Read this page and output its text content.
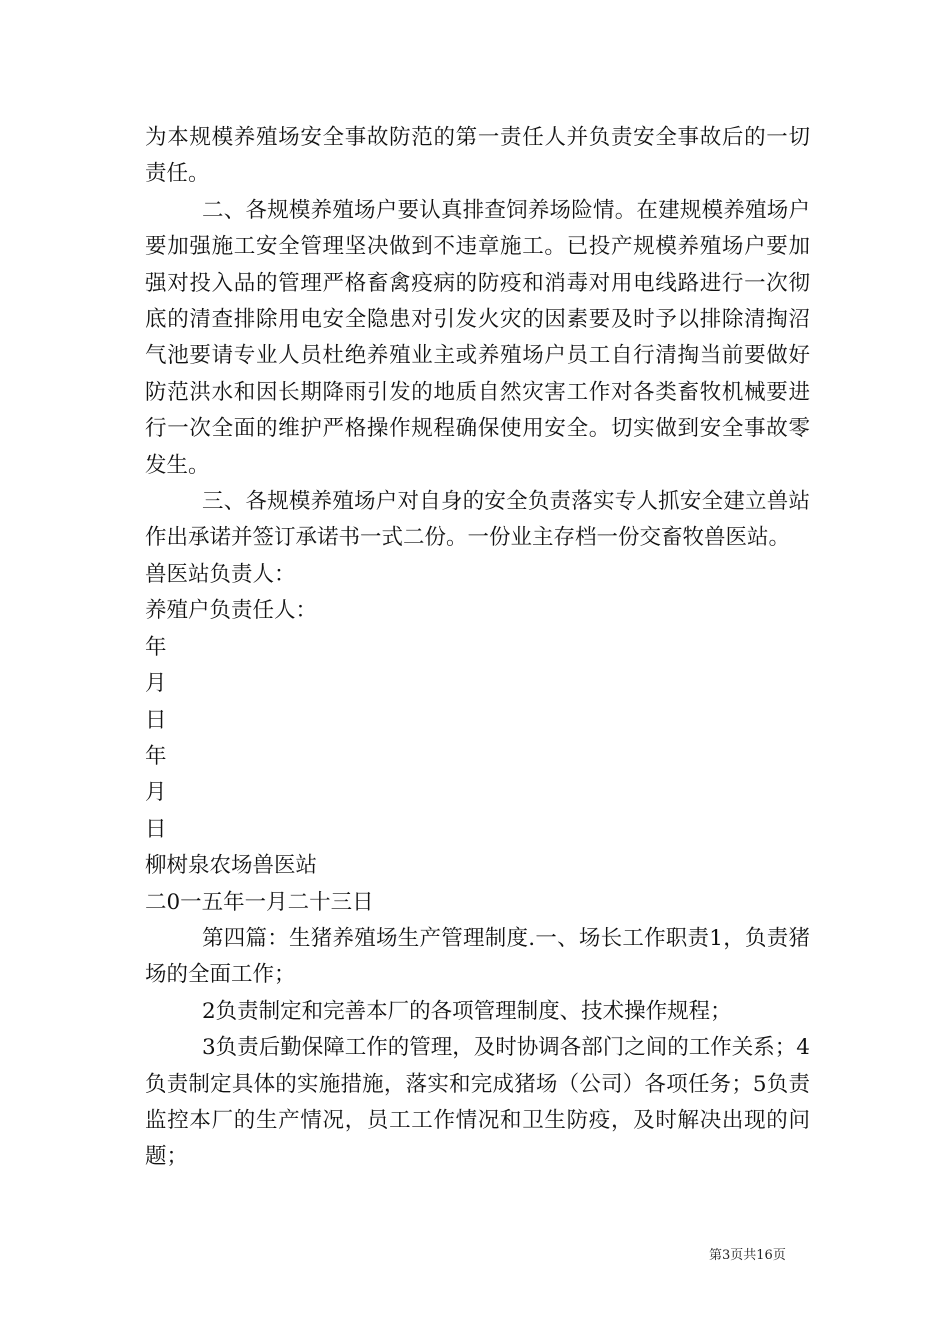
为本规模养殖场安全事故防范的第一责任人并负责安全事故后的一切责任。

二、各规模养殖场户要认真排查饲养场险情。在建规模养殖场户要加强施工安全管理坚决做到不违章施工。已投产规模养殖场户要加强对投入品的管理严格畜禽疫病的防疫和消毒对用电线路进行一次彻底的清查排除用电安全隐患对引发火灾的因素要及时予以排除清掏沼气池要请专业人员杜绝养殖业主或养殖场户员工自行清掏当前要做好防范洪水和因长期降雨引发的地质自然灾害工作对各类畜牧机械要进行一次全面的维护严格操作规程确保使用安全。切实做到安全事故零发生。

三、各规模养殖场户对自身的安全负责落实专人抓安全建立兽站作出承诺并签订承诺书一式二份。一份业主存档一份交畜牧兽医站。

兽医站负责人：

养殖户负责任人：

年

月

日

年

月

日

柳树泉农场兽医站

二0一五年一月二十三日

第四篇：生猪养殖场生产管理制度.一、场长工作职责1，负责猪场的全面工作；

2负责制定和完善本厂的各项管理制度、技术操作规程；

3负责后勤保障工作的管理，及时协调各部门之间的工作关系；4负责制定具体的实施措施，落实和完成猪场（公司）各项任务；5负责监控本厂的生产情况，员工工作情况和卫生防疫，及时解决出现的问题；

第3页共16页
